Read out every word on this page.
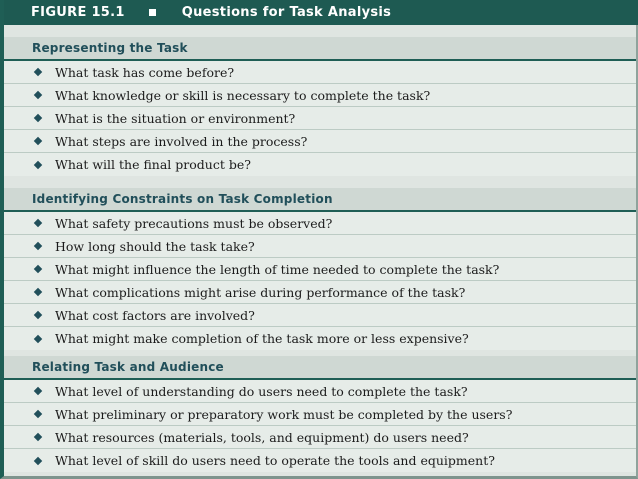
FIGURE 15.1	Questions for Task Analysis
Representing the Task
What task has come before?
What knowledge or skill is necessary to complete the task?
What is the situation or environment?
What steps are involved in the process?
What will the final product be?
Identifying Constraints on Task Completion
What safety precautions must be observed?
How long should the task take?
What might influence the length of time needed to complete the task?
What complications might arise during performance of the task?
What cost factors are involved?
What might make completion of the task more or less expensive?
Relating Task and Audience
What level of understanding do users need to complete the task?
What preliminary or preparatory work must be completed by the users?
What resources (materials, tools, and equipment) do users need?
What level of skill do users need to operate the tools and equipment?
